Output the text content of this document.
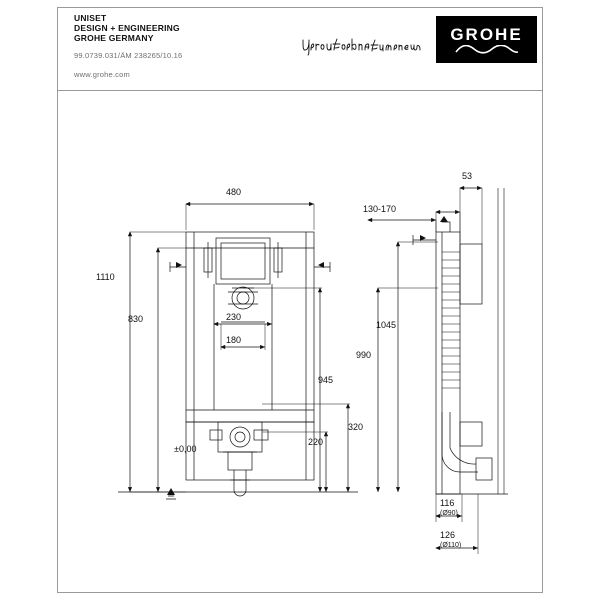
UNISET
DESIGN + ENGINEERING
GROHE GERMANY
99.0739.031/ÄM 238265/10.16
www.grohe.com
GROHE
480
1110
830	230
180
945
320
220
±0,00
53
130-170
1045
990
116
(Ø90)
126
(Ø110)
